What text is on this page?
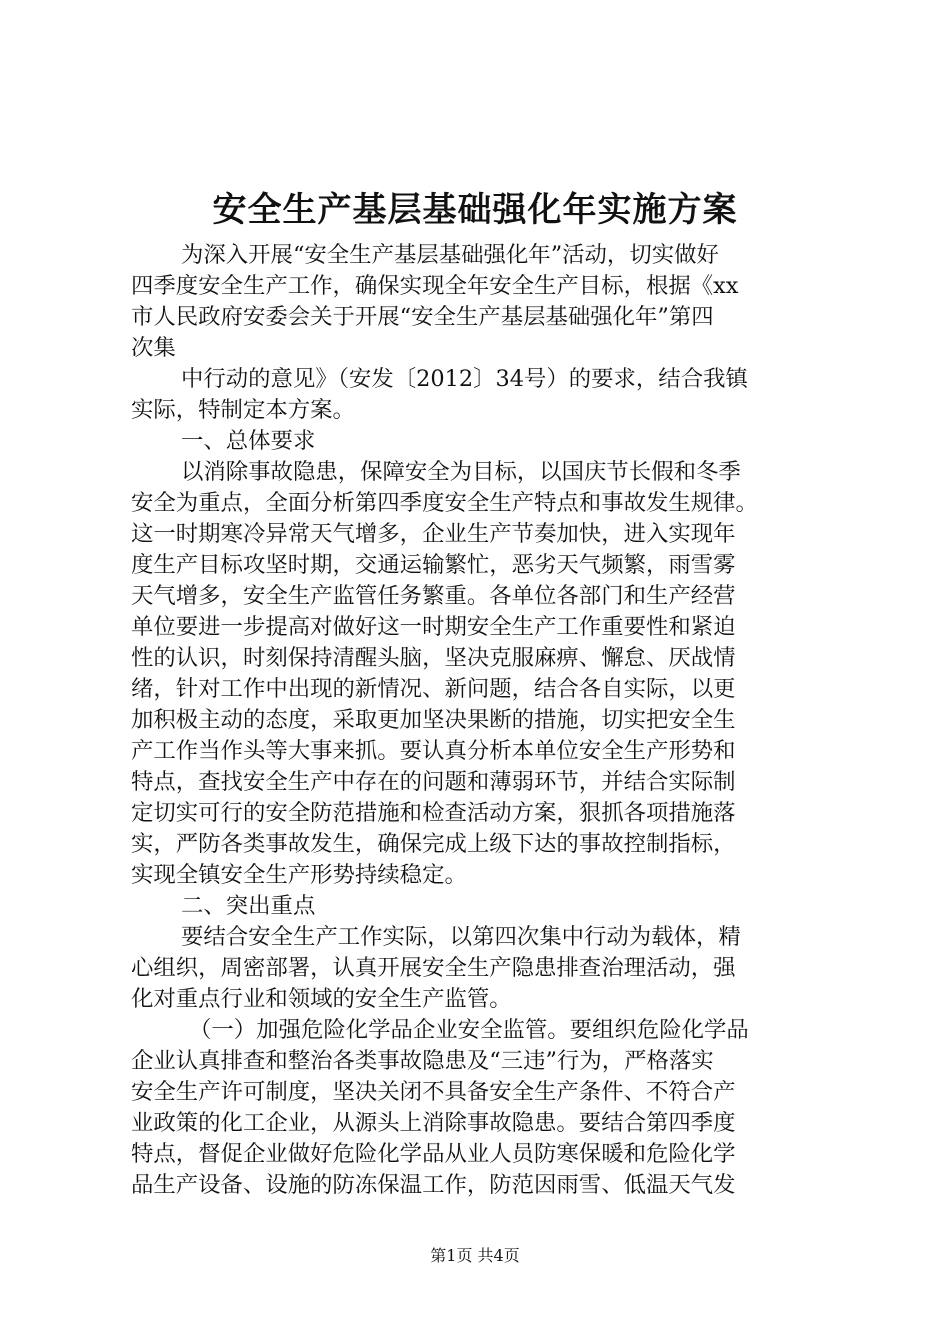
安全生产基层基础强化年实施方案
为深入开展“安全生产基层基础强化年”活动，切实做好
四季度安全生产工作，确保实现全年安全生产目标，根据《xx
市人民政府安委会关于开展“安全生产基层基础强化年”第四
次集
中行动的意见》（安发〔2012〕34号）的要求，结合我镇
实际，特制定本方案。
一、总体要求
以消除事故隐患，保障安全为目标，以国庆节长假和冬季
安全为重点，全面分析第四季度安全生产特点和事故发生规律。
这一时期寒冷异常天气增多，企业生产节奏加快，进入实现年
度生产目标攻坚时期，交通运输繁忙，恶劣天气频繁，雨雪雾
天气增多，安全生产监管任务繁重。各单位各部门和生产经营
单位要进一步提高对做好这一时期安全生产工作重要性和紧迫
性的认识，时刻保持清醒头脑，坚决克服麻痹、懈怠、厌战情
绪，针对工作中出现的新情况、新问题，结合各自实际，以更
加积极主动的态度，采取更加坚决果断的措施，切实把安全生
产工作当作头等大事来抓。要认真分析本单位安全生产形势和
特点，查找安全生产中存在的问题和薄弱环节，并结合实际制
定切实可行的安全防范措施和检查活动方案，狠抓各项措施落
实，严防各类事故发生，确保完成上级下达的事故控制指标，
实现全镇安全生产形势持续稳定。
二、突出重点
要结合安全生产工作实际，以第四次集中行动为载体，精
心组织，周密部署，认真开展安全生产隐患排查治理活动，强
化对重点行业和领域的安全生产监管。
（一）加强危险化学品企业安全监管。要组织危险化学品
企业认真排查和整治各类事故隐患及“三违”行为，严格落实
安全生产许可制度，坚决关闭不具备安全生产条件、不符合产
业政策的化工企业，从源头上消除事故隐患。要结合第四季度
特点，督促企业做好危险化学品从业人员防寒保暖和危险化学
品生产设备、设施的防冻保温工作，防范因雨雪、低温天气发
第1页 共4页
